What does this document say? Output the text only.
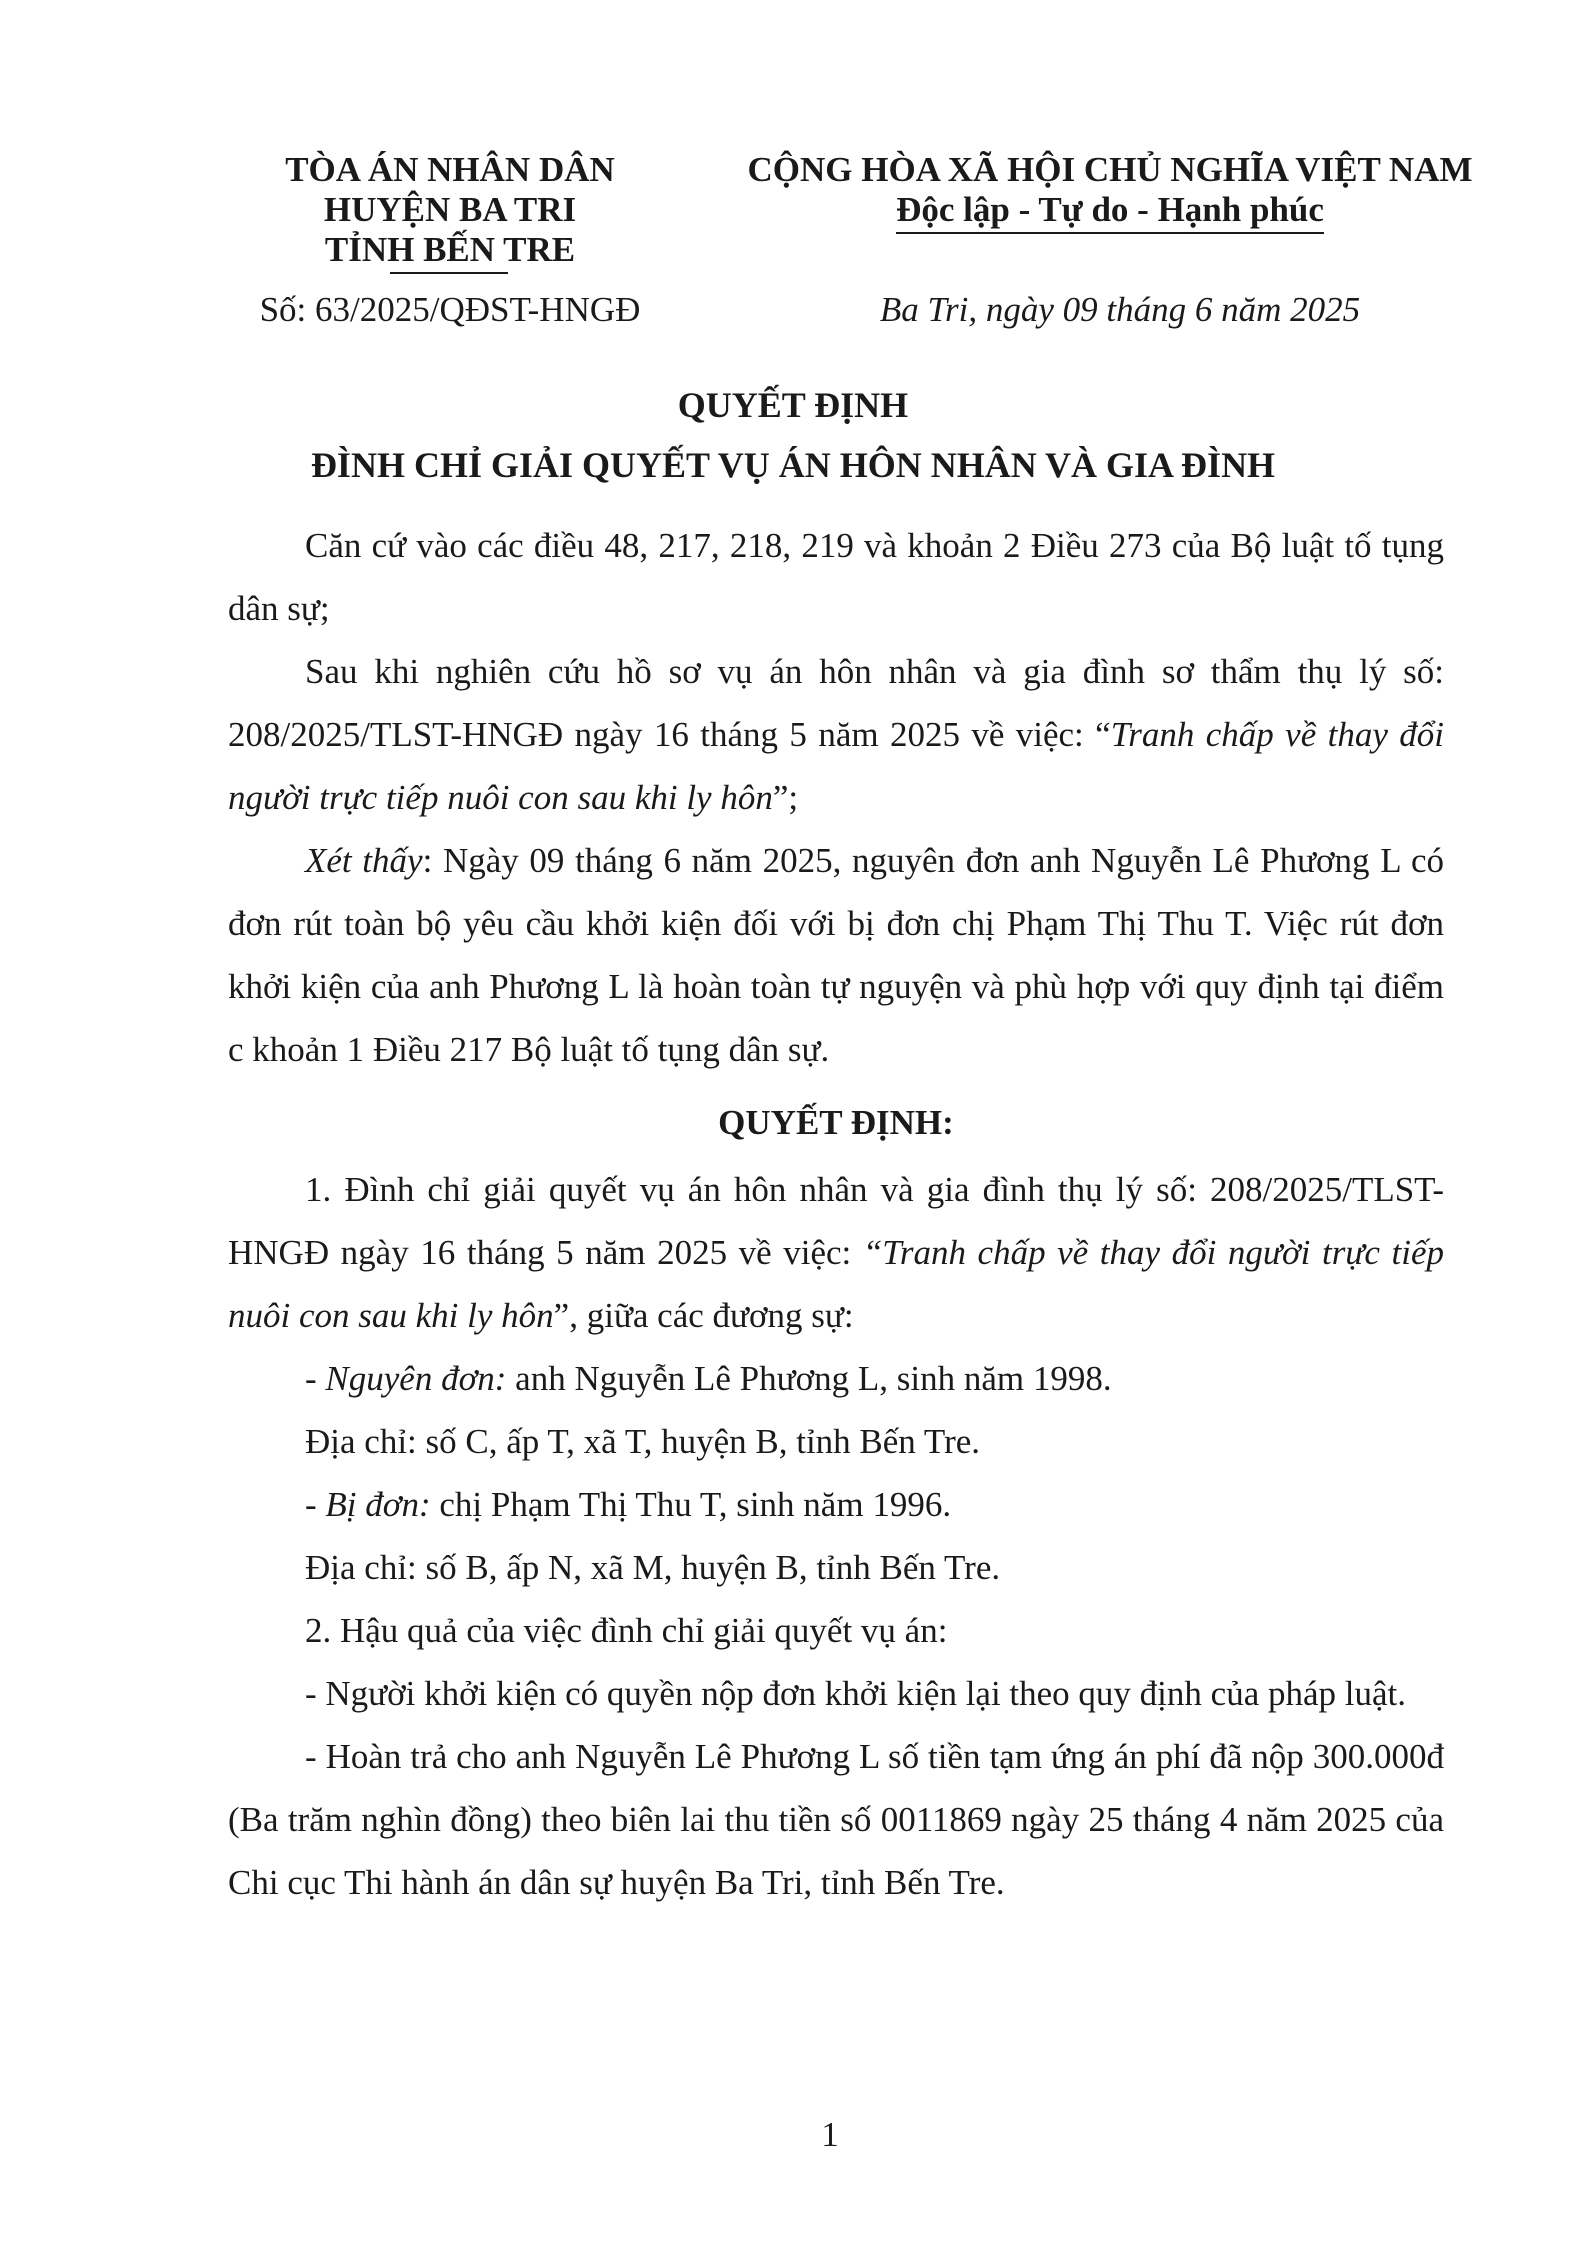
TÒA ÁN NHÂN DÂN
HUYỆN BA TRI
TỈNH BẾN TRE
CỘNG HÒA XÃ HỘI CHỦ NGHĨA VIỆT NAM
Độc lập - Tự do - Hạnh phúc
Số: 63/2025/QĐST-HNGĐ	Ba Tri, ngày 09 tháng 6 năm 2025
QUYẾT ĐỊNH
ĐÌNH CHỈ GIẢI QUYẾT VỤ ÁN HÔN NHÂN VÀ GIA ĐÌNH

Căn cứ vào các điều 48, 217, 218, 219 và khoản 2 Điều 273 của Bộ luật tố tụng dân sự;

Sau khi nghiên cứu hồ sơ vụ án hôn nhân và gia đình sơ thẩm thụ lý số: 208/2025/TLST-HNGĐ ngày 16 tháng 5 năm 2025 về việc: “Tranh chấp về thay đổi người trực tiếp nuôi con sau khi ly hôn”;

Xét thấy: Ngày 09 tháng 6 năm 2025, nguyên đơn anh Nguyễn Lê Phương L có đơn rút toàn bộ yêu cầu khởi kiện đối với bị đơn chị Phạm Thị Thu T. Việc rút đơn khởi kiện của anh Phương L là hoàn toàn tự nguyện và phù hợp với quy định tại điểm c khoản 1 Điều 217 Bộ luật tố tụng dân sự.

QUYẾT ĐỊNH:

1. Đình chỉ giải quyết vụ án hôn nhân và gia đình thụ lý số: 208/2025/TLST-HNGĐ ngày 16 tháng 5 năm 2025 về việc: “Tranh chấp về thay đổi người trực tiếp nuôi con sau khi ly hôn”, giữa các đương sự:

- Nguyên đơn: anh Nguyễn Lê Phương L, sinh năm 1998.

Địa chỉ: số C, ấp T, xã T, huyện B, tỉnh Bến Tre.

- Bị đơn: chị Phạm Thị Thu T, sinh năm 1996.

Địa chỉ: số B, ấp N, xã M, huyện B, tỉnh Bến Tre.

2. Hậu quả của việc đình chỉ giải quyết vụ án:

- Người khởi kiện có quyền nộp đơn khởi kiện lại theo quy định của pháp luật.

- Hoàn trả cho anh Nguyễn Lê Phương L số tiền tạm ứng án phí đã nộp 300.000đ (Ba trăm nghìn đồng) theo biên lai thu tiền số 0011869 ngày 25 tháng 4 năm 2025 của Chi cục Thi hành án dân sự huyện Ba Tri, tỉnh Bến Tre.

1
